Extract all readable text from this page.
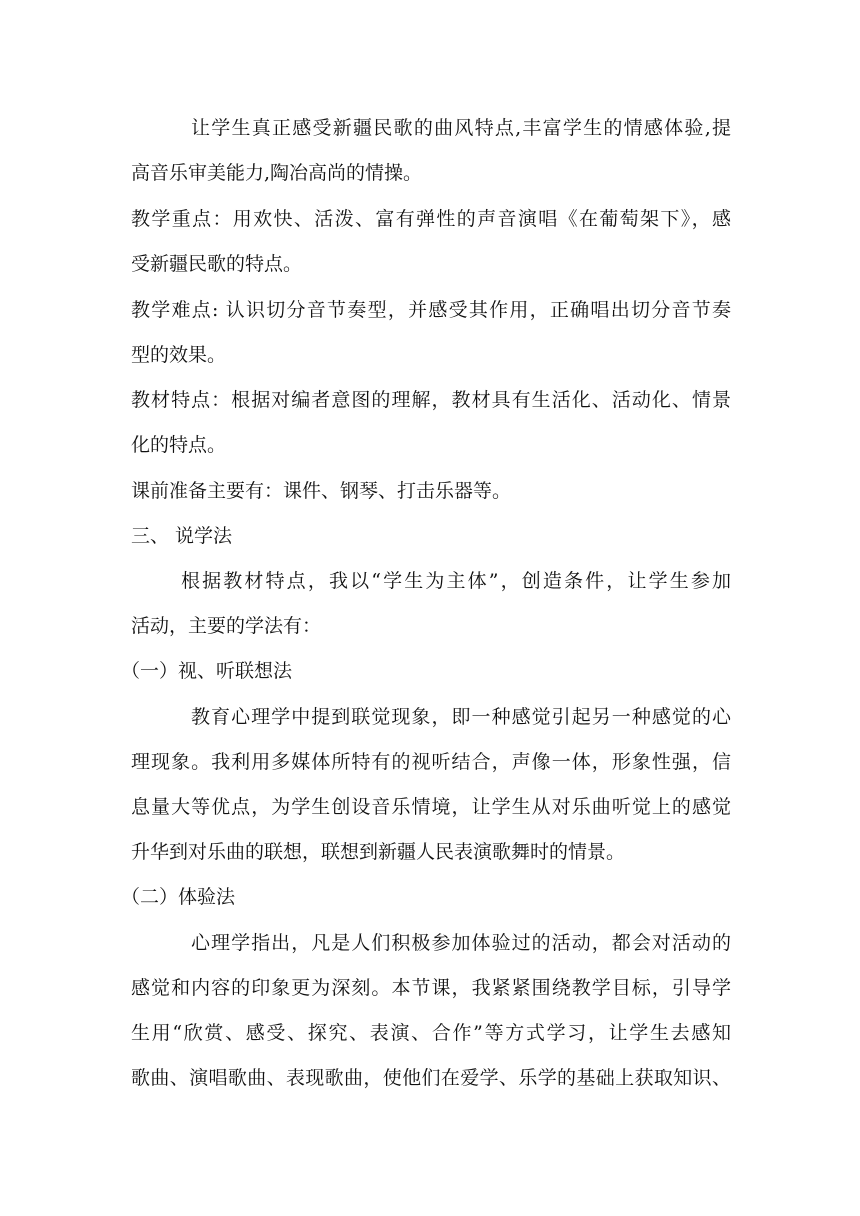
让学生真正感受新疆民歌的曲风特点,丰富学生的情感体验,提
高音乐审美能力,陶冶高尚的情操。
教学重点：用欢快、活泼、富有弹性的声音演唱《在葡萄架下》，感
受新疆民歌的特点。
教学难点: 认识切分音节奏型，并感受其作用，正确唱出切分音节奏
型的效果。
教材特点：根据对编者意图的理解，教材具有生活化、活动化、情景
化的特点。
课前准备主要有：课件、钢琴、打击乐器等。
三、 说学法
根据教材特点，我以“学生为主体”，创造条件，让学生参加
活动，主要的学法有：
（一）视、听联想法
教育心理学中提到联觉现象，即一种感觉引起另一种感觉的心
理现象。我利用多媒体所特有的视听结合，声像一体，形象性强，信
息量大等优点，为学生创设音乐情境，让学生从对乐曲听觉上的感觉
升华到对乐曲的联想，联想到新疆人民表演歌舞时的情景。
（二）体验法
心理学指出，凡是人们积极参加体验过的活动，都会对活动的
感觉和内容的印象更为深刻。本节课，我紧紧围绕教学目标，引导学
生用“欣赏、感受、探究、表演、合作”等方式学习，让学生去感知
歌曲、演唱歌曲、表现歌曲，使他们在爱学、乐学的基础上获取知识、
